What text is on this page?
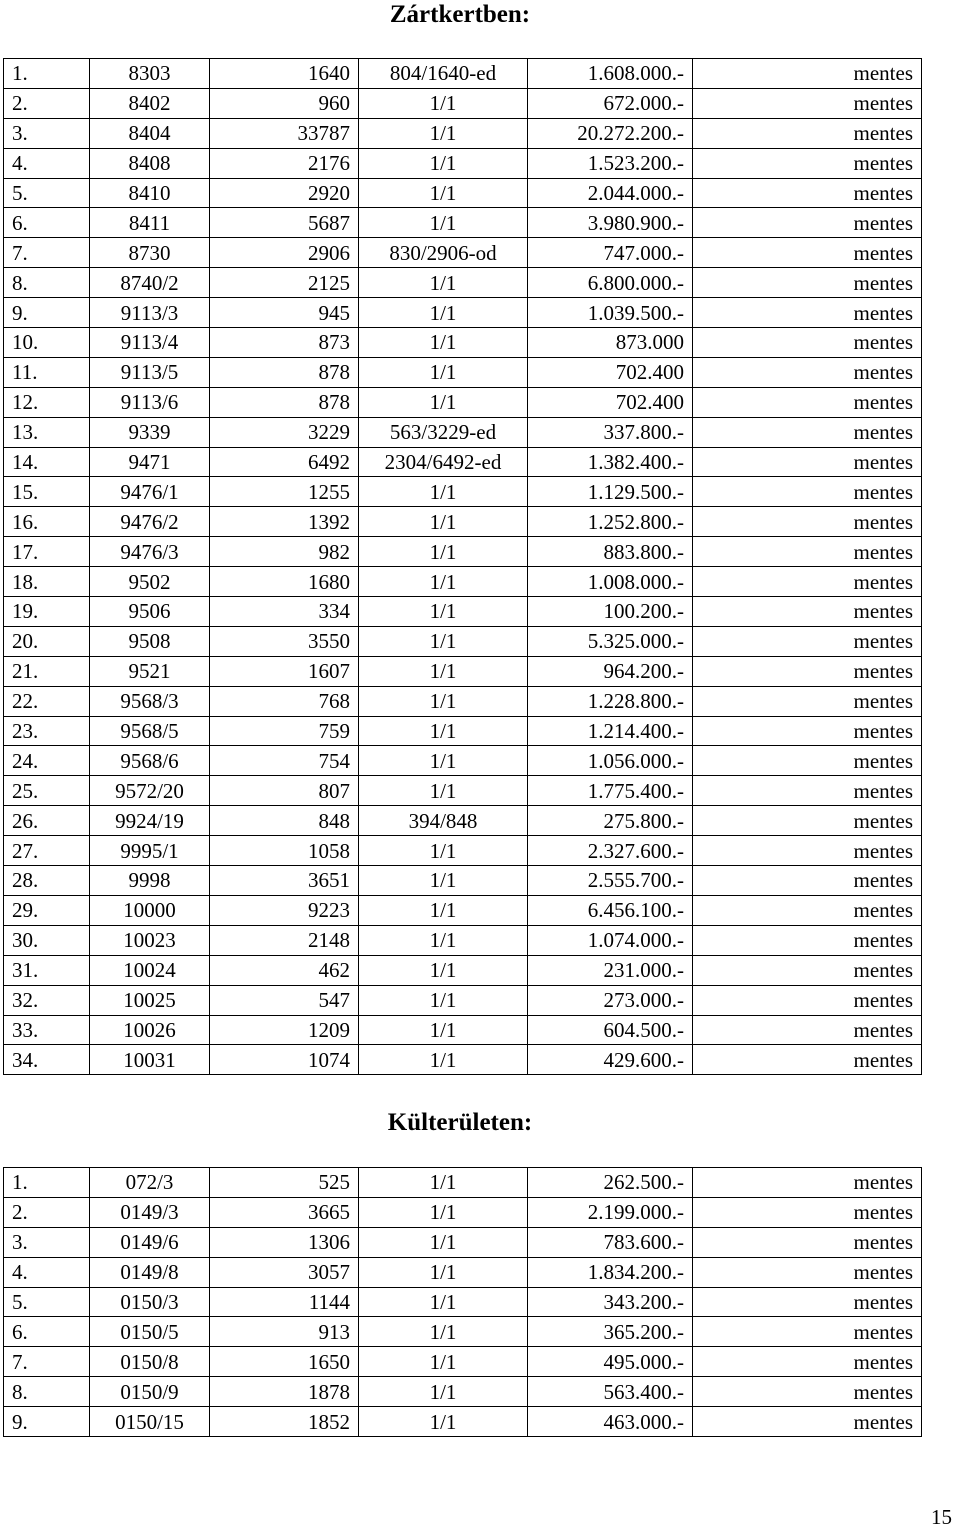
Zártkertben:
1.	8303	1640	804/1640-ed	1.608.000.-	mentes
2.	8402	960	1/1	672.000.-	mentes
3.	8404	33787	1/1	20.272.200.-	mentes
4.	8408	2176	1/1	1.523.200.-	mentes
5.	8410	2920	1/1	2.044.000.-	mentes
6.	8411	5687	1/1	3.980.900.-	mentes
7.	8730	2906	830/2906-od	747.000.-	mentes
8.	8740/2	2125	1/1	6.800.000.-	mentes
9.	9113/3	945	1/1	1.039.500.-	mentes
10.	9113/4	873	1/1	873.000	mentes
11.	9113/5	878	1/1	702.400	mentes
12.	9113/6	878	1/1	702.400	mentes
13.	9339	3229	563/3229-ed	337.800.-	mentes
14.	9471	6492	2304/6492-ed	1.382.400.-	mentes
15.	9476/1	1255	1/1	1.129.500.-	mentes
16.	9476/2	1392	1/1	1.252.800.-	mentes
17.	9476/3	982	1/1	883.800.-	mentes
18.	9502	1680	1/1	1.008.000.-	mentes
19.	9506	334	1/1	100.200.-	mentes
20.	9508	3550	1/1	5.325.000.-	mentes
21.	9521	1607	1/1	964.200.-	mentes
22.	9568/3	768	1/1	1.228.800.-	mentes
23.	9568/5	759	1/1	1.214.400.-	mentes
24.	9568/6	754	1/1	1.056.000.-	mentes
25.	9572/20	807	1/1	1.775.400.-	mentes
26.	9924/19	848	394/848	275.800.-	mentes
27.	9995/1	1058	1/1	2.327.600.-	mentes
28.	9998	3651	1/1	2.555.700.-	mentes
29.	10000	9223	1/1	6.456.100.-	mentes
30.	10023	2148	1/1	1.074.000.-	mentes
31.	10024	462	1/1	231.000.-	mentes
32.	10025	547	1/1	273.000.-	mentes
33.	10026	1209	1/1	604.500.-	mentes
34.	10031	1074	1/1	429.600.-	mentes
Külterületen:
1.	072/3	525	1/1	262.500.-	mentes
2.	0149/3	3665	1/1	2.199.000.-	mentes
3.	0149/6	1306	1/1	783.600.-	mentes
4.	0149/8	3057	1/1	1.834.200.-	mentes
5.	0150/3	1144	1/1	343.200.-	mentes
6.	0150/5	913	1/1	365.200.-	mentes
7.	0150/8	1650	1/1	495.000.-	mentes
8.	0150/9	1878	1/1	563.400.-	mentes
9.	0150/15	1852	1/1	463.000.-	mentes
15
